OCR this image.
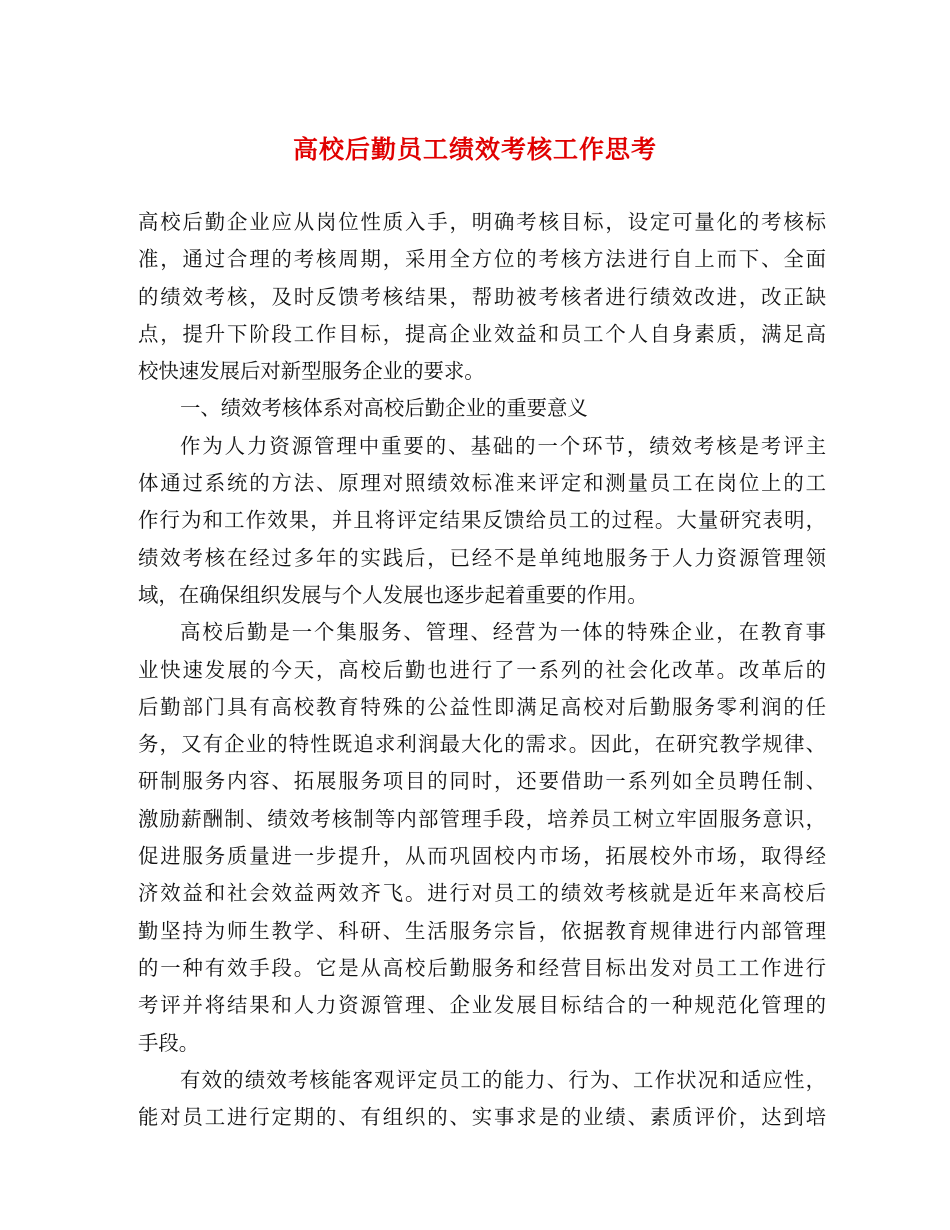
高校后勤员工绩效考核工作思考
高校后勤企业应从岗位性质入手，明确考核目标，设定可量化的考核标
准，通过合理的考核周期，采用全方位的考核方法进行自上而下、全面
的绩效考核，及时反馈考核结果，帮助被考核者进行绩效改进，改正缺
点，提升下阶段工作目标，提高企业效益和员工个人自身素质，满足高
校快速发展后对新型服务企业的要求。
一、绩效考核体系对高校后勤企业的重要意义
作为人力资源管理中重要的、基础的一个环节，绩效考核是考评主
体通过系统的方法、原理对照绩效标准来评定和测量员工在岗位上的工
作行为和工作效果，并且将评定结果反馈给员工的过程。大量研究表明，
绩效考核在经过多年的实践后，已经不是单纯地服务于人力资源管理领
域，在确保组织发展与个人发展也逐步起着重要的作用。
高校后勤是一个集服务、管理、经营为一体的特殊企业，在教育事
业快速发展的今天，高校后勤也进行了一系列的社会化改革。改革后的
后勤部门具有高校教育特殊的公益性即满足高校对后勤服务零利润的任
务，又有企业的特性既追求利润最大化的需求。因此，在研究教学规律、
研制服务内容、拓展服务项目的同时，还要借助一系列如全员聘任制、
激励薪酬制、绩效考核制等内部管理手段，培养员工树立牢固服务意识，
促进服务质量进一步提升，从而巩固校内市场，拓展校外市场，取得经
济效益和社会效益两效齐飞。进行对员工的绩效考核就是近年来高校后
勤坚持为师生教学、科研、生活服务宗旨，依据教育规律进行内部管理
的一种有效手段。它是从高校后勤服务和经营目标出发对员工工作进行
考评并将结果和人力资源管理、企业发展目标结合的一种规范化管理的
手段。
有效的绩效考核能客观评定员工的能力、行为、工作状况和适应性，
能对员工进行定期的、有组织的、实事求是的业绩、素质评价，达到培
